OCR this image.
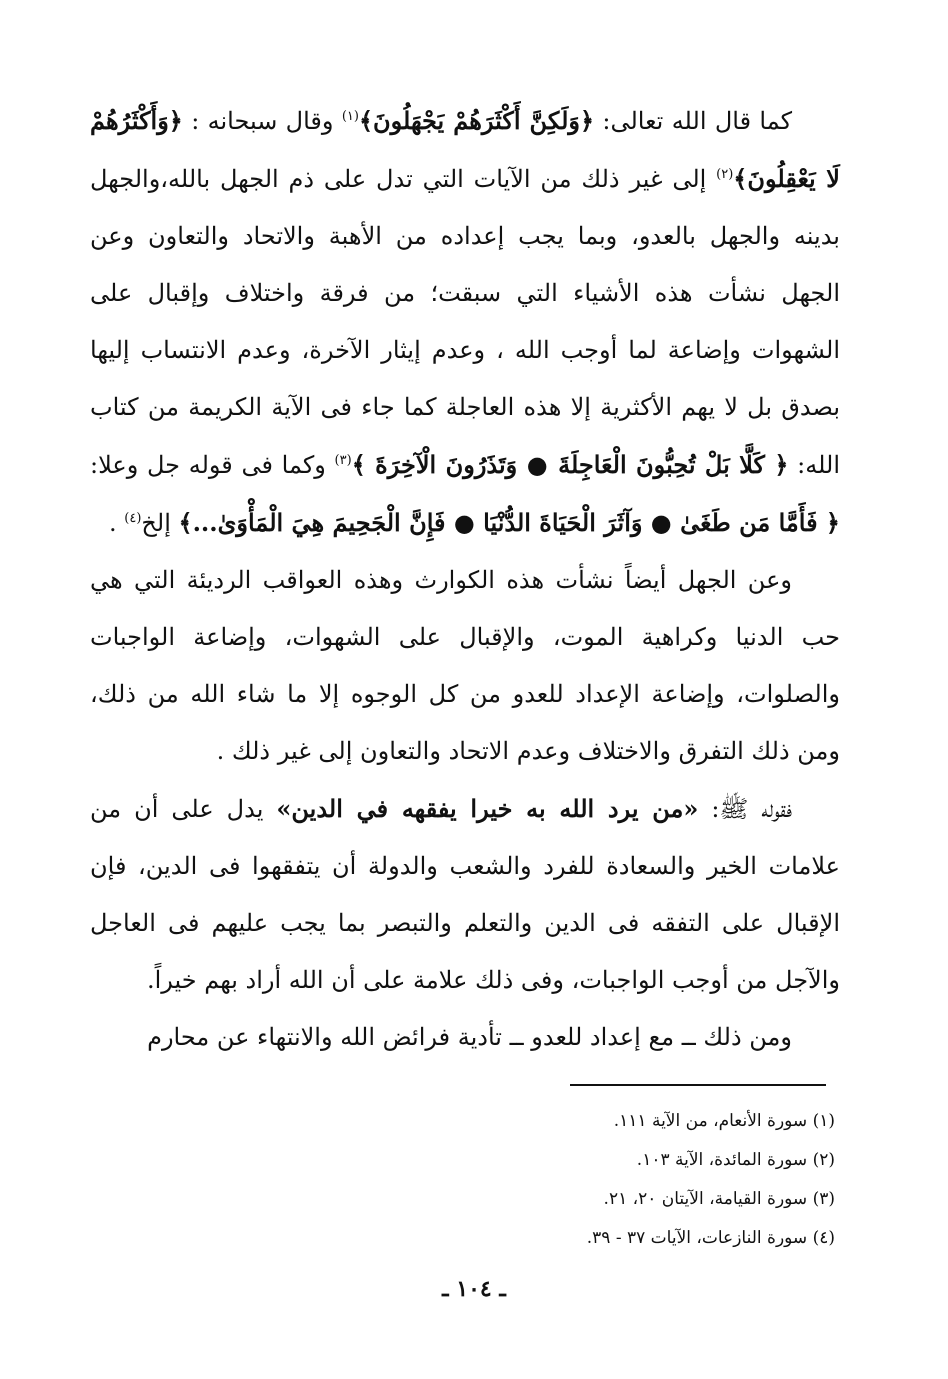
كما قال الله تعالى: ﴿وَلَكِنَّ أَكْثَرَهُمْ يَجْهَلُونَ﴾$^{(١)}$ وقال سبحانه : ﴿وَأَكْثَرُهُمْ لَا يَعْقِلُونَ﴾$^{(٢)}$ إلى غير ذلك من الآيات التي تدل على ذم الجهل بالله،والجهل بدينه والجهل بالعدو، وبما يجب إعداده من الأهبة والاتحاد والتعاون وعن الجهل نشأت هذه الأشياء التي سبقت؛ من فرقة واختلاف وإقبال على الشهوات وإضاعة لما أوجب الله ، وعدم إيثار الآخرة، وعدم الانتساب إليها بصدق بل لا يهم الأكثرية إلا هذه العاجلة كما جاء فى الآية الكريمة من كتاب الله: ﴿ كَلَّا بَلْ تُحِبُّونَ الْعَاجِلَةَ ● وَتَذَرُونَ الْآخِرَةَ ﴾$^{(٣)}$ وكما فى قوله جل وعلا: ﴿ فَأَمَّا مَن طَغَىٰ ● وَآثَرَ الْحَيَاةَ الدُّنْيَا ● فَإِنَّ الْجَحِيمَ هِيَ الْمَأْوَىٰ...﴾ إلخ$^{(٤)}$ .

وعن الجهل أيضاً نشأت هذه الكوارث وهذه العواقب الرديئة التي هي حب الدنيا وكراهية الموت، والإقبال على الشهوات، وإضاعة الواجبات والصلوات، وإضاعة الإعداد للعدو من كل الوجوه إلا ما شاء الله من ذلك، ومن ذلك التفرق والاختلاف وعدم الاتحاد والتعاون إلى غير ذلك .

فقوله ﷺ: «من يرد الله به خيرا يفقهه في الدين» يدل على أن من علامات الخير والسعادة للفرد والشعب والدولة أن يتفقهوا فى الدين، فإن الإقبال على التفقه فى الدين والتعلم والتبصر بما يجب عليهم فى العاجل والآجل من أوجب الواجبات، وفى ذلك علامة على أن الله أراد بهم خيراً.

ومن ذلك ــ مع إعداد للعدو ــ تأدية فرائض الله والانتهاء عن محارم

(١) سورة الأنعام، من الآية ١١١.

(٢) سورة المائدة، الآية ١٠٣.

(٣) سورة القيامة، الآيتان ٢٠، ٢١.

(٤) سورة النازعات، الآيات ٣٧ - ٣٩.

ـ ١٠٤ ـ
